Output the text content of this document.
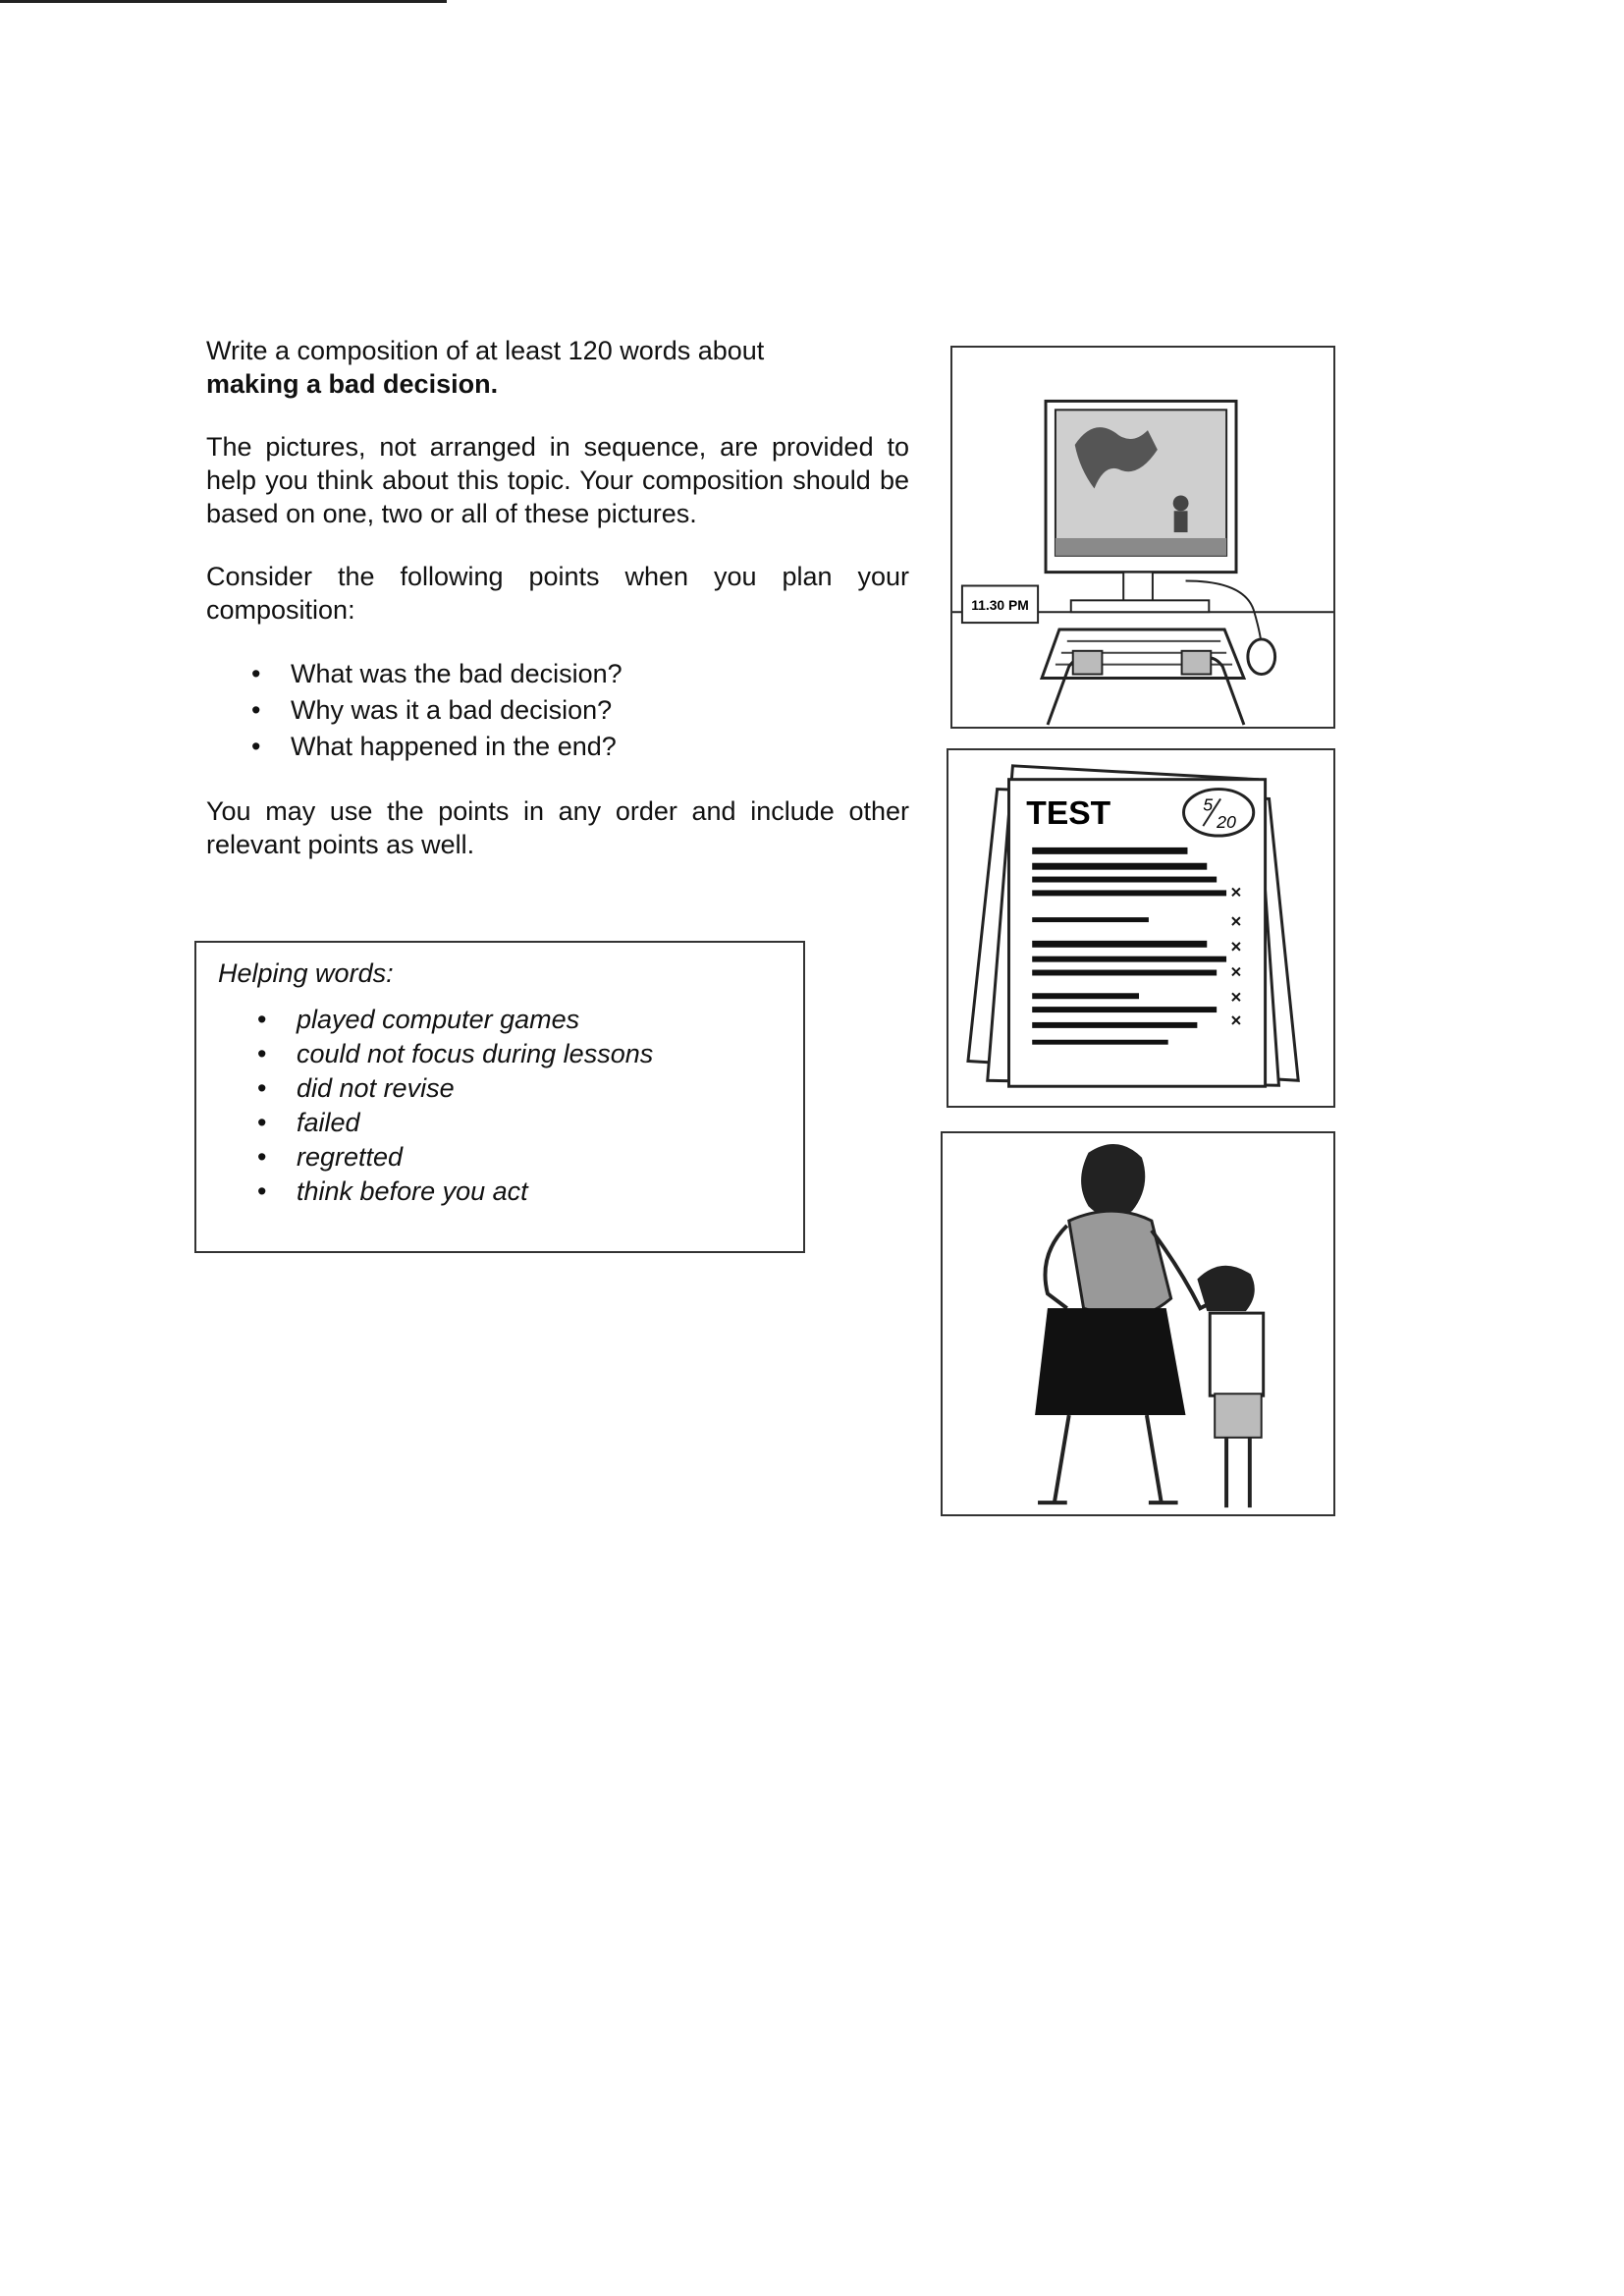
Write a composition of at least 120 words about
making a bad decision.

The pictures, not arranged in sequence, are provided to help you think about this topic. Your composition should be based on one, two or all of these pictures.

Consider the following points when you plan your composition:

• What was the bad decision?
• Why was it a bad decision?
• What happened in the end?

You may use the points in any order and include other relevant points as well.

Helping words:
• played computer games
• could not focus during lessons
• did not revise
• failed
• regretted
• think before you act
11.30 PM
TEST	5
20
